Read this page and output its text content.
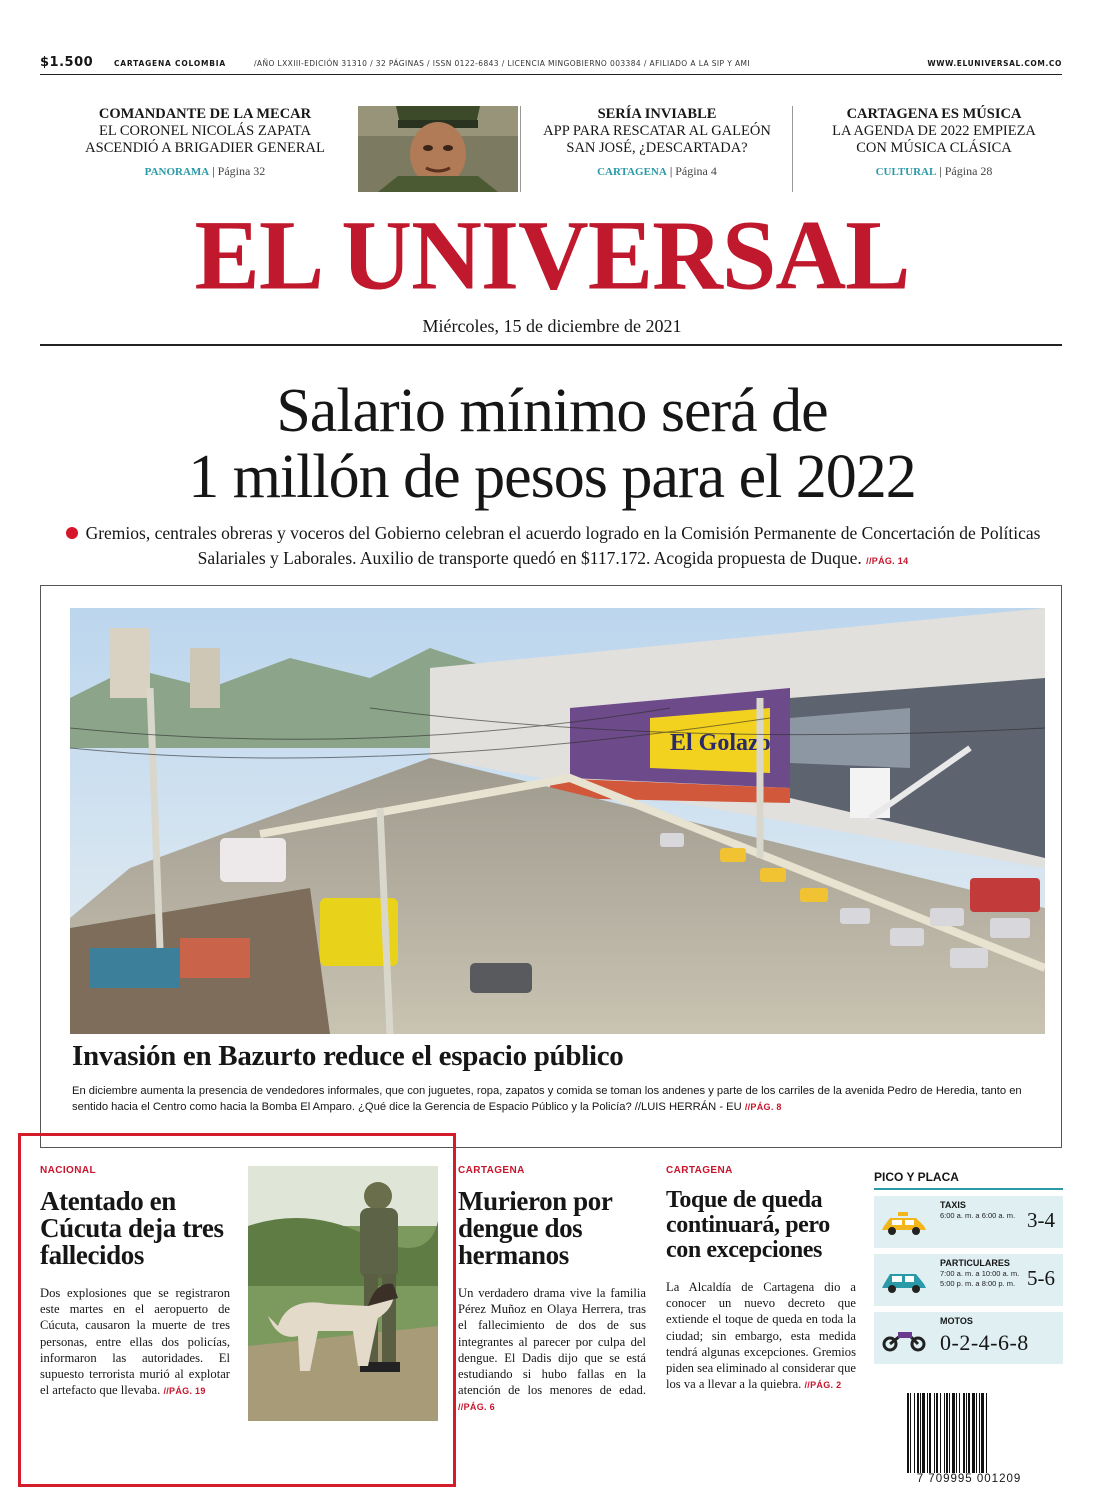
$1.500	CARTAGENA COLOMBIA	/AÑO LXXIII-EDICIÓN 31310 / 32 PÁGINAS / ISSN 0122-6843 / LICENCIA MINGOBIERNO 003384 / AFILIADO A LA SIP Y AMI	WWW.ELUNIVERSAL.COM.CO
COMANDANTE DE LA MECAR
EL CORONEL NICOLÁS ZAPATA
ASCENDIÓ A BRIGADIER GENERAL
PANORAMA | Página 32
SERÍA INVIABLE
APP PARA RESCATAR AL GALEÓN
SAN JOSÉ, ¿DESCARTADA?
CARTAGENA | Página 4
CARTAGENA ES MÚSICA
LA AGENDA DE 2022 EMPIEZA
CON MÚSICA CLÁSICA
CULTURAL | Página 28
EL UNIVERSAL
Miércoles, 15 de diciembre de 2021
Salario mínimo será de
1 millón de pesos para el 2022
Gremios, centrales obreras y voceros del Gobierno celebran el acuerdo logrado en la Comisión Permanente de Concertación de Políticas Salariales y Laborales. Auxilio de transporte quedó en $117.172. Acogida propuesta de Duque. //PÁG. 14
El Golazo
Invasión en Bazurto reduce el espacio público
En diciembre aumenta la presencia de vendedores informales, que con juguetes, ropa, zapatos y comida se toman los andenes y parte de los carriles de la avenida Pedro de Heredia, tanto en sentido hacia el Centro como hacia la Bomba El Amparo. ¿Qué dice la Gerencia de Espacio Público y la Policía? //LUIS HERRÁN - EU //PÁG. 8
NACIONAL
Atentado en Cúcuta deja tres fallecidos
Dos explosiones que se registraron este martes en el aeropuerto de Cúcuta, causaron la muerte de tres personas, entre ellas dos policías, informaron las autoridades. El supuesto terrorista murió al explotar el artefacto que llevaba. //PÁG. 19
CARTAGENA
Murieron por dengue dos hermanos
Un verdadero drama vive la familia Pérez Muñoz en Olaya Herrera, tras el fallecimiento de dos de sus integrantes al parecer por culpa del dengue. El Dadis dijo que se está estudiando si hubo fallas en la atención de los menores de edad. //PÁG. 6
CARTAGENA
Toque de queda continuará, pero con excepciones
La Alcaldía de Cartagena dio a conocer un nuevo decreto que extiende el toque de queda en toda la ciudad; sin embargo, esta medida tendrá algunas excepciones. Gremios piden sea eliminado al considerar que los va a llevar a la quiebra. //PÁG. 2
PICO Y PLACA
TAXIS
6:00 a. m. a 6:00 a. m. 3-4
PARTICULARES
7:00 a. m. a 10:00 a. m.
5:00 p. m. a 8:00 p. m. 5-6
MOTOS
0-2-4-6-8
7 709995 001209
